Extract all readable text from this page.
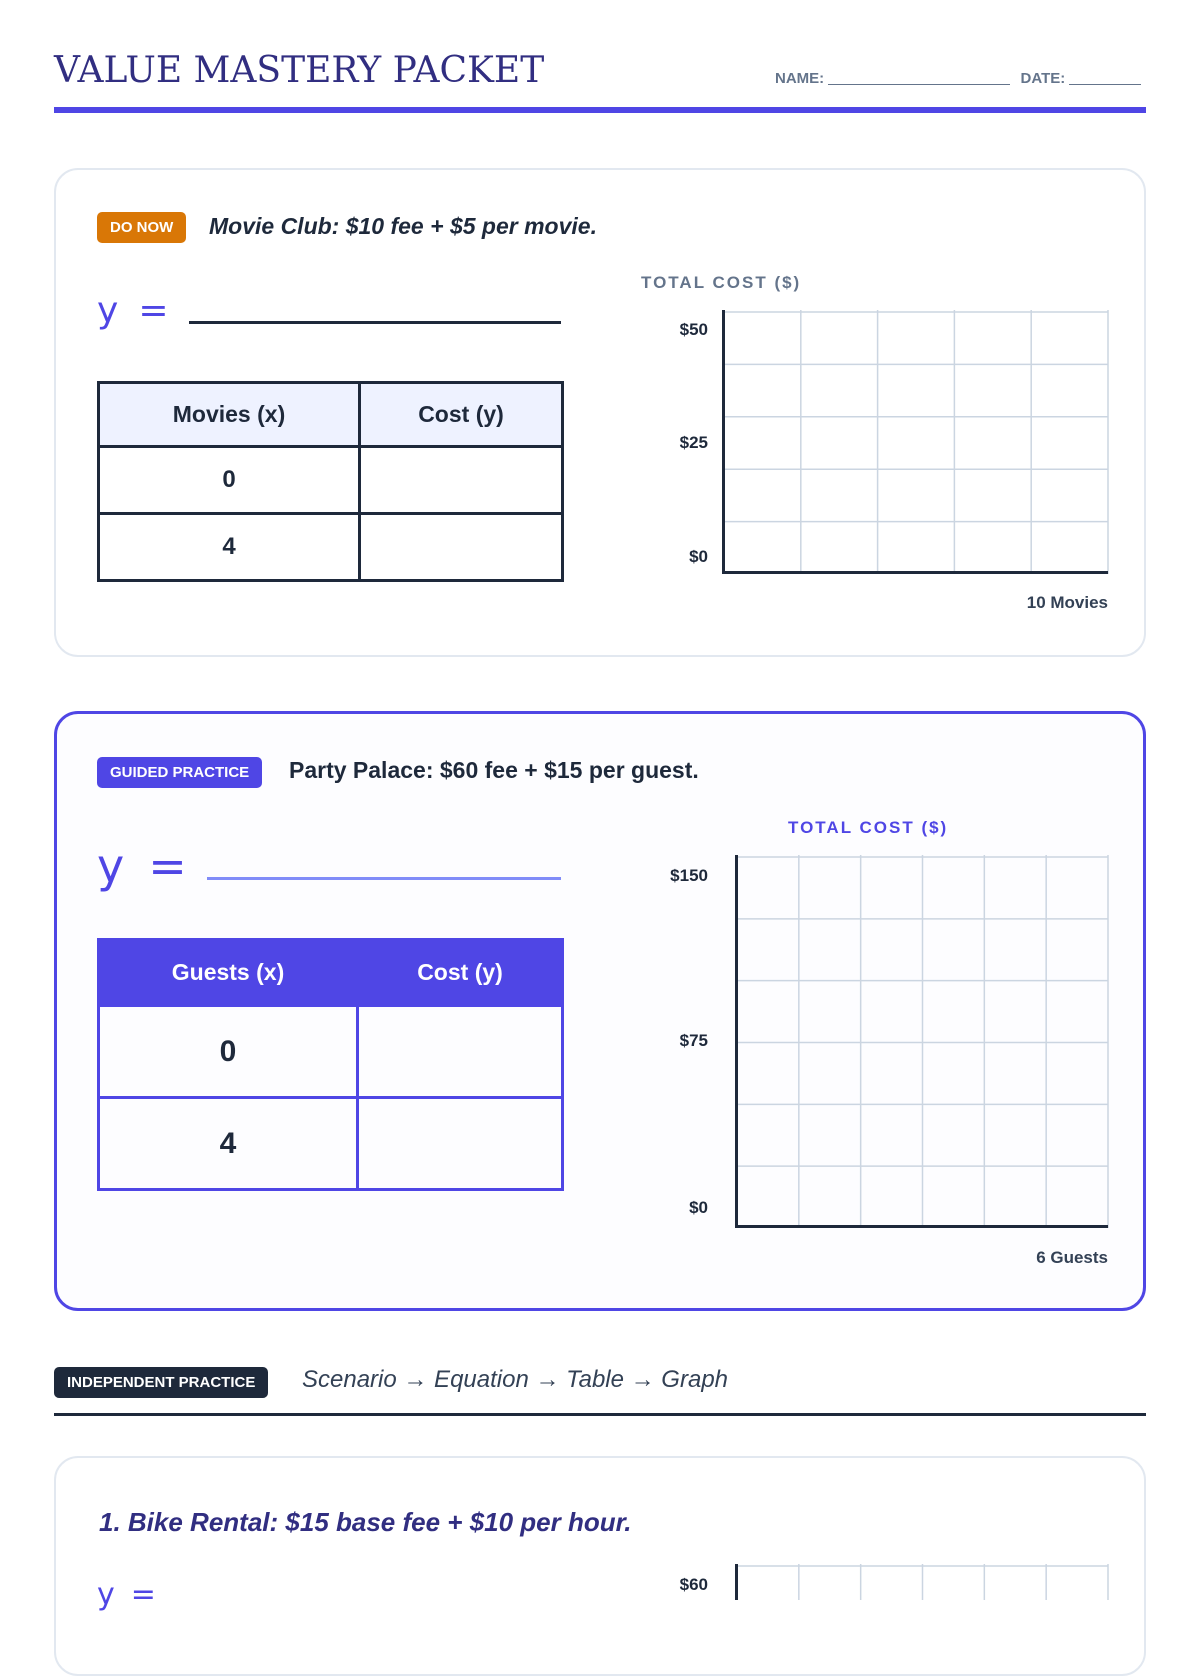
VALUE MASTERY PACKET	NAME:	DATE:
DO NOW	Movie Club: $10 fee + $5 per movie.
y =
Movies (x)	Cost (y)
0	
4	
TOTAL COST ($)
$50
$25
$0
10 Movies
GUIDED PRACTICE	Party Palace: $60 fee + $15 per guest.
y =
Guests (x)	Cost (y)
0	
4	
TOTAL COST ($)
$150
$75
$0
6 Guests
INDEPENDENT PRACTICE	Scenario → Equation → Table → Graph
1. Bike Rental: $15 base fee + $10 per hour.
y =	$60
